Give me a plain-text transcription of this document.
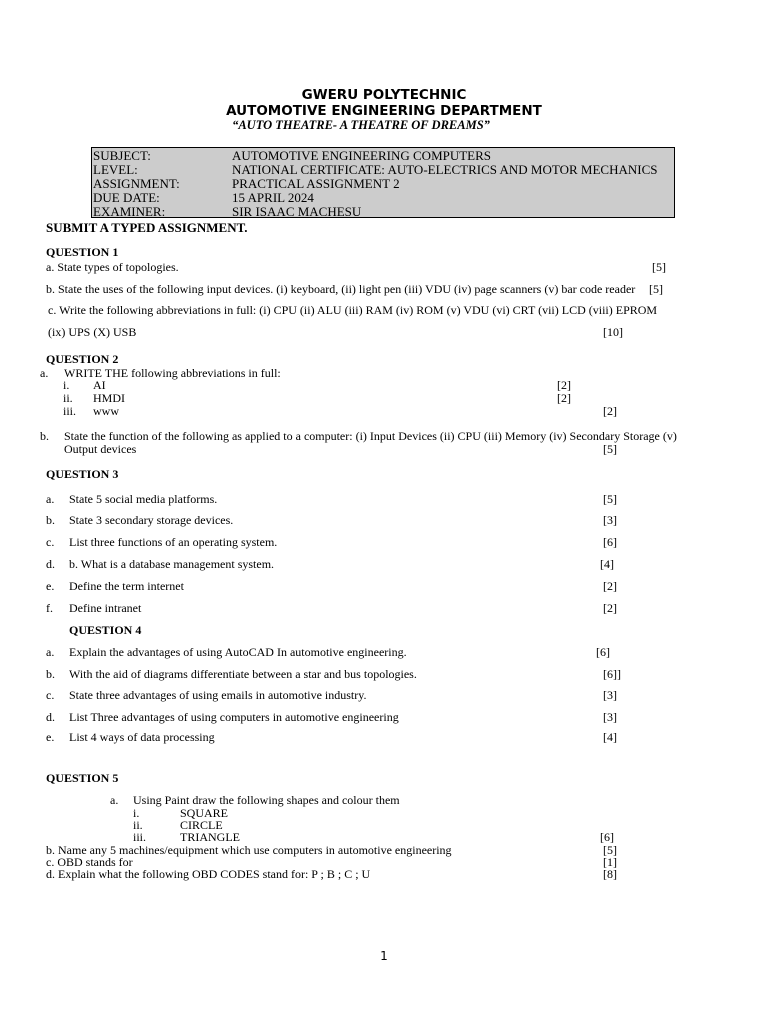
GWERU POLYTECHNIC
AUTOMOTIVE ENGINEERING DEPARTMENT
“AUTO THEATRE- A THEATRE OF DREAMS”
SUBJECT:	AUTOMOTIVE ENGINEERING COMPUTERS
LEVEL:	NATIONAL CERTIFICATE: AUTO-ELECTRICS AND MOTOR MECHANICS
ASSIGNMENT:	PRACTICAL ASSIGNMENT 2
DUE DATE:	15 APRIL 2024
EXAMINER:	SIR ISAAC MACHESU
SUBMIT A TYPED ASSIGNMENT.
QUESTION 1
a. State types of topologies.	[5]
b. State the uses of the following input devices. (i) keyboard, (ii) light pen (iii) VDU (iv) page scanners (v) bar code reader [5]
c. Write the following abbreviations in full: (i) CPU (ii) ALU (iii) RAM (iv) ROM (v) VDU (vi) CRT (vii) LCD (viii) EPROM
(ix) UPS (X) USB	[10]
QUESTION 2
a. WRITE THE following abbreviations in full:
i. AI	[2]
ii. HMDI	[2]
iii. www	[2]
b. State the function of the following as applied to a computer: (i) Input Devices (ii) CPU (iii) Memory (iv) Secondary Storage (v)
Output devices	[5]
QUESTION 3
a. State 5 social media platforms.	[5]
b. State 3 secondary storage devices.	[3]
c. List three functions of an operating system.	[6]
d. b. What is a database management system.	[4]
e. Define the term internet	[2]
f. Define intranet	[2]
QUESTION 4
a. Explain the advantages of using AutoCAD In automotive engineering.	[6]
b. With the aid of diagrams differentiate between a star and bus topologies.	[6]]
c. State three advantages of using emails in automotive industry.	[3]
d. List Three advantages of using computers in automotive engineering	[3]
e. List 4 ways of data processing	[4]
QUESTION 5
a. Using Paint draw the following shapes and colour them
i.	SQUARE
ii.	CIRCLE
iii.	TRIANGLE	[6]
b. Name any 5 machines/equipment which use computers in automotive engineering	[5]
c. OBD stands for	[1]
d. Explain what the following OBD CODES stand for: P ; B ; C ; U	[8]
1
